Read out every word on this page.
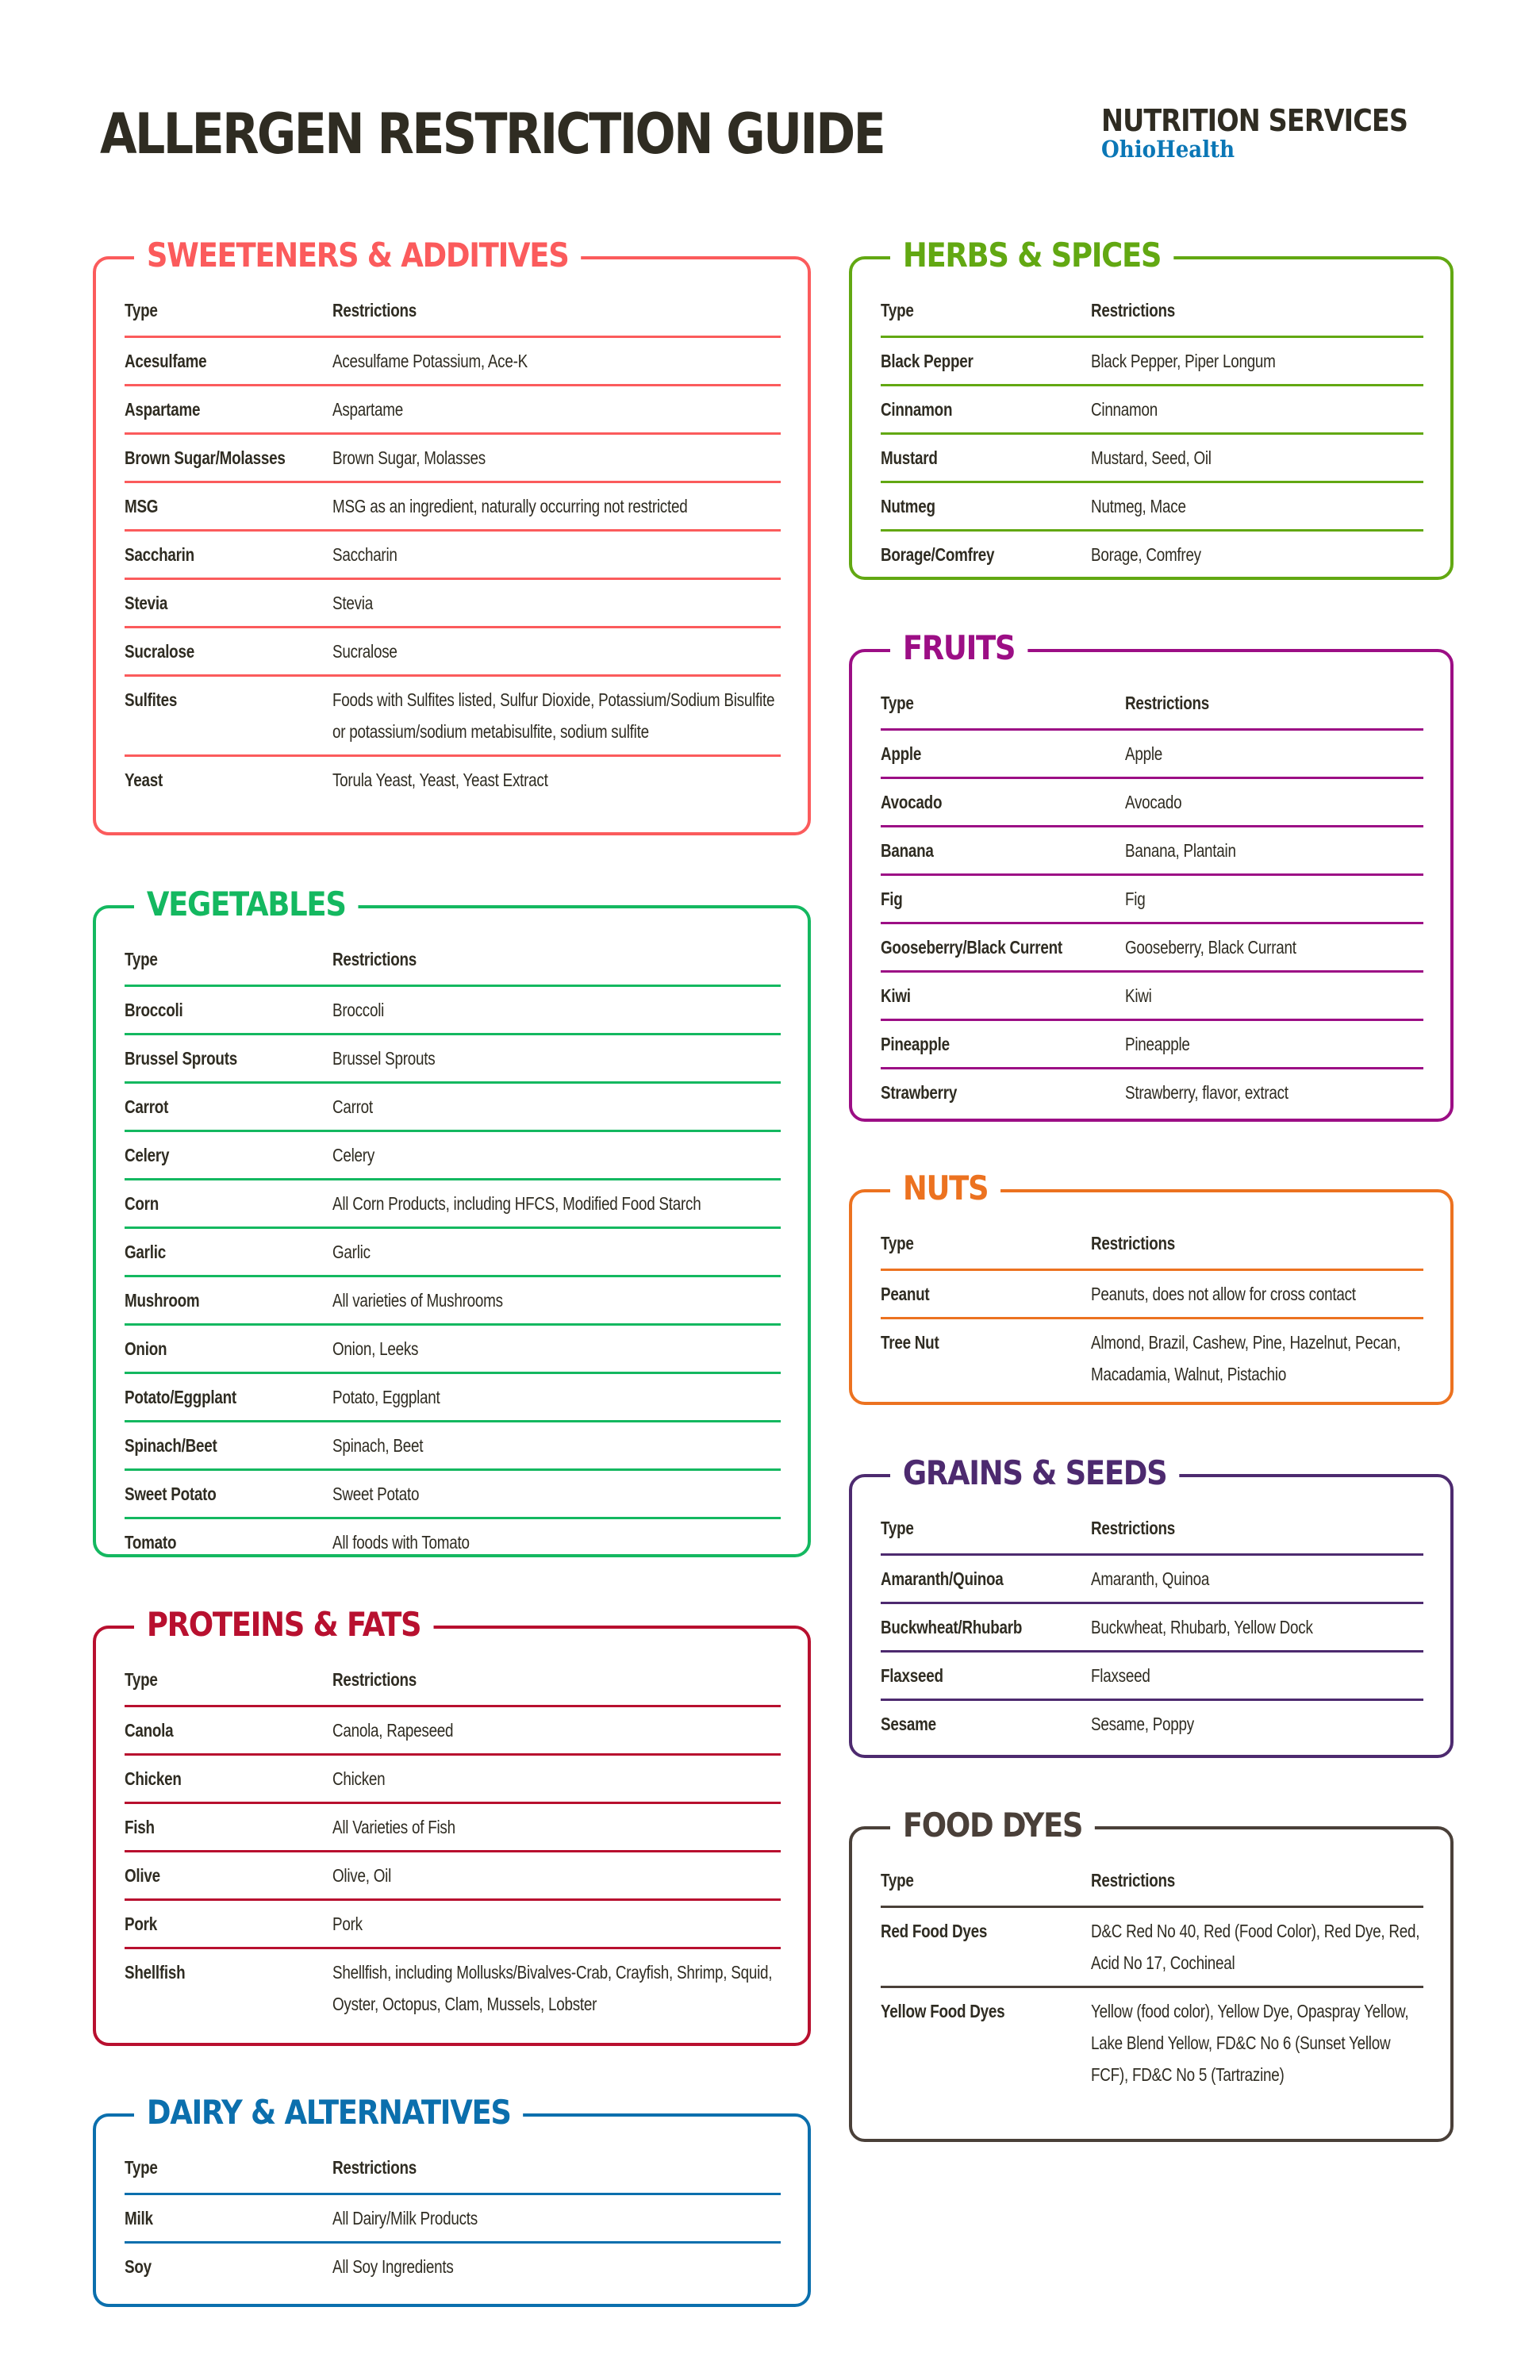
ALLERGEN RESTRICTION GUIDE	NUTRITION SERVICES
OhioHealth
SWEETENERS & ADDITIVES
Type	Restrictions
Acesulfame	Acesulfame Potassium, Ace-K

Aspartame	Aspartame

Brown Sugar/Molasses	Brown Sugar, Molasses

MSG	MSG as an ingredient, naturally occurring not restricted

Saccharin	Saccharin

Stevia	Stevia

Sucralose	Sucralose

Sulfites	Foods with Sulfites listed, Sulfur Dioxide, Potassium/Sodium Bisulfite or potassium/sodium metabisulfite, sodium sulfite

Yeast	Torula Yeast, Yeast, Yeast Extract
VEGETABLES
Type	Restrictions
Broccoli	Broccoli

Brussel Sprouts	Brussel Sprouts

Carrot	Carrot

Celery	Celery

Corn	All Corn Products, including HFCS, Modified Food Starch

Garlic	Garlic

Mushroom	All varieties of Mushrooms

Onion	Onion, Leeks

Potato/Eggplant	Potato, Eggplant

Spinach/Beet	Spinach, Beet

Sweet Potato	Sweet Potato

Tomato	All foods with Tomato
PROTEINS & FATS
Type	Restrictions
Canola	Canola, Rapeseed

Chicken	Chicken

Fish	All Varieties of Fish

Olive	Olive, Oil

Pork	Pork

Shellfish	Shellfish, including Mollusks/Bivalves-Crab, Crayfish, Shrimp, Squid, Oyster, Octopus, Clam, Mussels, Lobster
DAIRY & ALTERNATIVES
Type	Restrictions
Milk	All Dairy/Milk Products

Soy	All Soy Ingredients
HERBS & SPICES
Type	Restrictions
Black Pepper	Black Pepper, Piper Longum

Cinnamon	Cinnamon

Mustard	Mustard, Seed, Oil

Nutmeg	Nutmeg, Mace

Borage/Comfrey	Borage, Comfrey
FRUITS
Type	Restrictions
Apple	Apple

Avocado	Avocado

Banana	Banana, Plantain

Fig	Fig

Gooseberry/Black Current	Gooseberry, Black Currant

Kiwi	Kiwi

Pineapple	Pineapple

Strawberry	Strawberry, flavor, extract
NUTS
Type	Restrictions
Peanut	Peanuts, does not allow for cross contact

Tree Nut	Almond, Brazil, Cashew, Pine, Hazelnut, Pecan, Macadamia, Walnut, Pistachio
GRAINS & SEEDS
Type	Restrictions
Amaranth/Quinoa	Amaranth, Quinoa

Buckwheat/Rhubarb	Buckwheat, Rhubarb, Yellow Dock

Flaxseed	Flaxseed

Sesame	Sesame, Poppy
FOOD DYES
Type	Restrictions
Red Food Dyes	D&C Red No 40, Red (Food Color), Red Dye, Red, Acid No 17, Cochineal

Yellow Food Dyes	Yellow (food color), Yellow Dye, Opaspray Yellow, Lake Blend Yellow, FD&C No 6 (Sunset Yellow FCF), FD&C No 5 (Tartrazine)
